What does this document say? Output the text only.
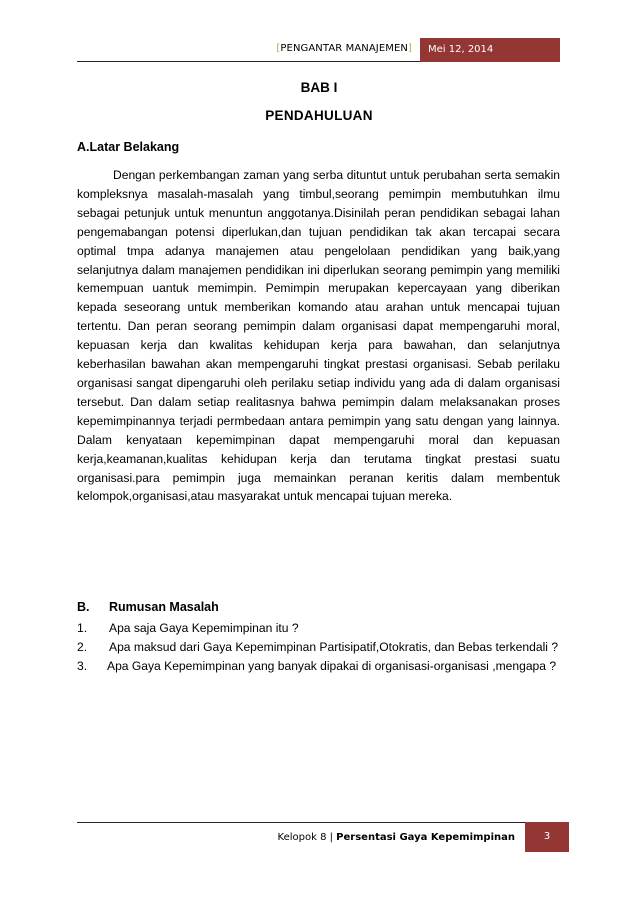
[PENGANTAR MANAJEMEN]	Mei 12, 2014
BAB I
PENDAHULUAN
A.Latar Belakang

Dengan perkembangan zaman yang serba dituntut untuk perubahan serta semakin kompleksnya masalah-masalah yang timbul,seorang pemimpin membutuhkan ilmu sebagai petunjuk untuk menuntun anggotanya.Disinilah peran pendidikan sebagai lahan pengemabangan potensi diperlukan,dan tujuan pendidikan tak akan tercapai secara optimal tmpa adanya manajemen atau pengelolaan pendidikan yang baik,yang selanjutnya dalam manajemen pendidikan ini diperlukan seorang pemimpin yang memiliki kemempuan uantuk memimpin. Pemimpin merupakan kepercayaan yang diberikan kepada seseorang untuk memberikan komando atau arahan untuk mencapai tujuan tertentu. Dan peran seorang pemimpin dalam organisasi dapat mempengaruhi moral, kepuasan kerja dan kwalitas kehidupan kerja para bawahan, dan selanjutnya keberhasilan bawahan akan mempengaruhi tingkat prestasi organisasi. Sebab perilaku organisasi sangat dipengaruhi oleh perilaku setiap individu yang ada di dalam organisasi tersebut. Dan dalam setiap realitasnya bahwa pemimpin dalam melaksanakan proses kepemimpinannya terjadi permbedaan antara pemimpin yang satu dengan yang lainnya. Dalam kenyataan kepemimpinan dapat mempengaruhi moral dan kepuasan kerja,keamanan,kualitas kehidupan kerja dan terutama tingkat prestasi suatu organisasi.para pemimpin juga memainkan peranan keritis dalam membentuk kelompok,organisasi,atau masyarakat untuk mencapai tujuan mereka.

B. Rumusan Masalah
1.	Apa saja Gaya Kepemimpinan itu ?
2.	Apa maksud dari Gaya Kepemimpinan Partisipatif,Otokratis, dan Bebas terkendali ?
3.	Apa Gaya Kepemimpinan yang banyak dipakai di organisasi-organisasi ,mengapa ?
Kelopok 8 | Persentasi Gaya Kepemimpinan	3
